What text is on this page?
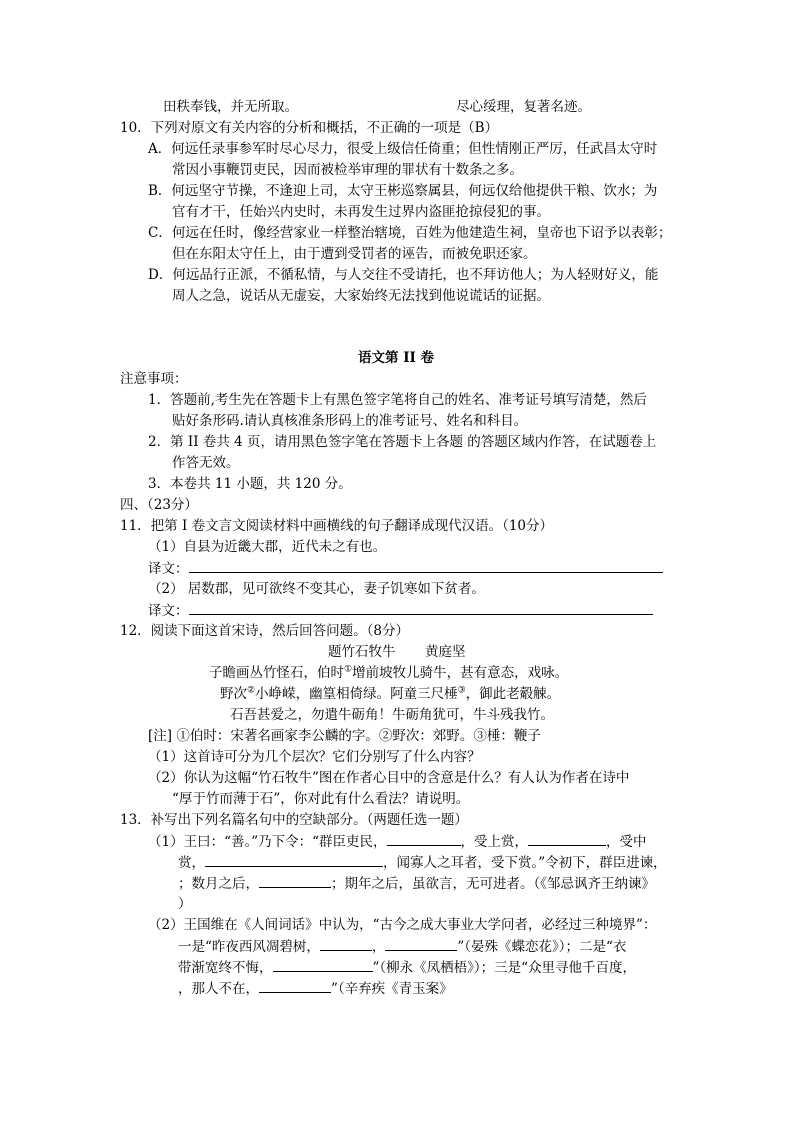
田秩奉钱，并无所取。	尽心绥理，复著名迹。
10．下列对原文有关内容的分析和概括，不正确的一项是（B）
A．何远任录事参军时尽心尽力，很受上级信任倚重；但性情刚正严厉，任武昌太守时
常因小事鞭罚吏民，因而被检举审理的罪状有十数条之多。
B．何远坚守节操，不逢迎上司，太守王彬巡察属县，何远仅给他提供干粮、饮水；为
官有才干，任始兴内史时，未再发生过界内盗匪抢掠侵犯的事。
C．何远在任时，像经营家业一样整治辖境，百姓为他建造生祠，皇帝也下诏予以表彰；
但在东阳太守任上，由于遭到受罚者的诬告，而被免职还家。
D．何远品行正派，不循私情，与人交往不受请托，也不拜访他人；为人轻财好义，能
周人之急，说话从无虚妄，大家始终无法找到他说谎话的证据。
语文第 II 卷
注意事项：
1．答题前,考生先在答题卡上有黑色签字笔将自己的姓名、准考证号填写清楚，然后
贴好条形码.请认真核准条形码上的准考证号、姓名和科目。
2．第 II 卷共 4 页，请用黑色签字笔在答题卡上各题 的答题区域内作答，在试题卷上
作答无效。
3．本卷共 11 小题，共 120 分。
四、（23分）
11．把第 I 卷文言文阅读材料中画横线的句子翻译成现代汉语。（10分）
（1）自县为近畿大郡，近代未之有也。
译文：
（2） 居数郡，见可欲终不变其心，妻子饥寒如下贫者。
译文：
12．阅读下面这首宋诗，然后回答问题。（8分）
题竹石牧牛 黄庭坚
子瞻画丛竹怪石，伯时①增前坡牧儿骑牛，甚有意态，戏咏。
野次②小峥嵘，幽篁相倚绿。阿童三尺棰③，御此老觳觫。
石吾甚爱之，勿遣牛砺角！牛砺角犹可，牛斗残我竹。
[注] ①伯时：宋著名画家李公麟的字。②野次：郊野。③棰：鞭子
（1）这首诗可分为几个层次？它们分别写了什么内容？
（2）你认为这幅“竹石牧牛”图在作者心目中的含意是什么？有人认为作者在诗中
“厚于竹而薄于石”，你对此有什么看法？请说明。
13．补写出下列名篇名句中的空缺部分。（两题任选一题）
（1）王曰：“善。”乃下令：“群臣吏民，	，受上赏，	，受中
赏，	，闻寡人之耳者，受下赏。”令初下，群臣进谏，
；数月之后，	；期年之后，虽欲言，无可进者。（《邹忌讽齐王纳谏》
）
（2）王国维在《人间词话》中认为，“古今之成大事业大学问者，必经过三种境界”：
一是“昨夜西风凋碧树，	，	”（晏殊《蝶恋花》）；二是“衣
带渐宽终不悔，	”（柳永《凤栖梧》）；三是“众里寻他千百度，
，那人不在，	”（辛弃疾《青玉案》
